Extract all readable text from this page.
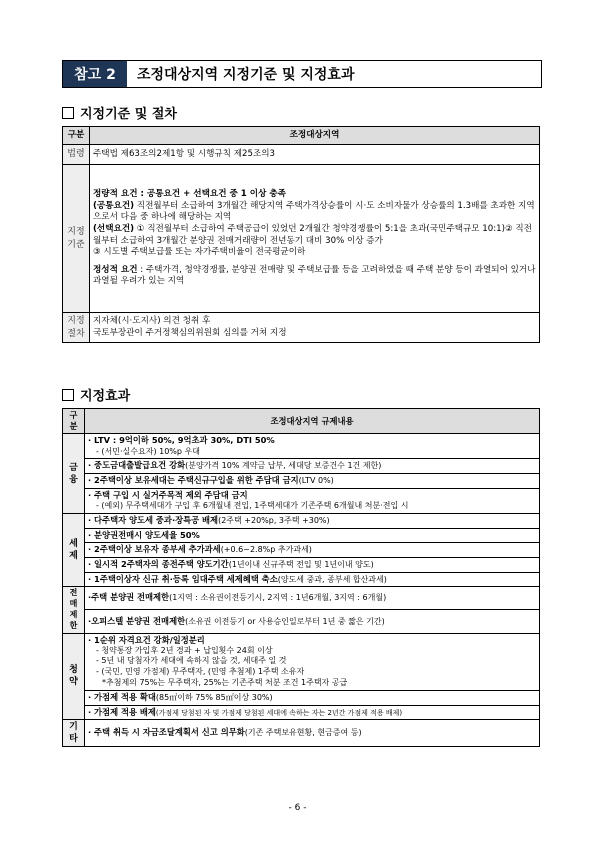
참고 2	조정대상지역 지정기준 및 지정효과
지정기준 및 절차
구분	조정대상지역
법령	주택법 제63조의2제1항 및 시행규칙 제25조의3
지정
기준	정량적 요건 : 공통요건 + 선택요건 중 1 이상 충족
(공통요건) 직전월부터 소급하여 3개월간 해당지역 주택가격상승률이 시·도 소비자물가 상승률의 1.3배를 초과한 지역으로서 다음 중 하나에 해당하는 지역
(선택요건) ① 직전월부터 소급하여 주택공급이 있었던 2개월간 청약경쟁률이 5:1을 초과(국민주택규모 10:1)② 직전월부터 소급하여 3개월간 분양권 전매거래량이 전년동기 대비 30% 이상 증가
③ 시도별 주택보급률 또는 자가주택비율이 전국평균이하
정성적 요건 : 주택가격, 청약경쟁률, 분양권 전매량 및 주택보급률 등을 고려하였을 때 주택 분양 등이 과열되어 있거나 과열될 우려가 있는 지역

지정
절차	지자체(시·도지사) 의견 청취 후
국토부장관이 주거정책심의위원회 심의를 거쳐 지정
지정효과
구분	조정대상지역 규제내용
금융	· LTV : 9억이하 50%, 9억초과 30%, DTI 50%
- (서민·실수요자) 10%p 우대

	· 중도금대출발급요건 강화(분양가격 10% 계약금 납부, 세대당 보증건수 1건 제한)
	· 2주택이상 보유세대는 주택신규구입을 위한 주담대 금지(LTV 0%)

	· 주택 구입 시 실거주목적 제외 주담대 금지
- (예외) 무주택세대가 구입 후 6개월내 전입, 1주택세대가 기존주택 6개월내 처분·전입 시

세제	· 다주택자 양도세 중과·장특공 배제(2주택 +20%p, 3주택 +30%)
	· 분양권전매시 양도세율 50%
	· 2주택이상 보유자 종부세 추가과세(+0.6~2.8%p 추가과세)
	· 일시적 2주택자의 종전주택 양도기간(1년이내 신규주택 전입 및 1년이내 양도)
	· 1주택이상자 신규 취·등록 임대주택 세제혜택 축소(양도세 중과, 종부세 합산과세)
전매
제한	·주택 분양권 전매제한(1지역 : 소유권이전등기시, 2지역 : 1년6개월, 3지역 : 6개월)
	·오피스텔 분양권 전매제한(소유권 이전등기 or 사용승인일로부터 1년 중 짧은 기간)
청약	· 1순위 자격요건 강화/일정분리
- 청약통장 가입후 2년 경과 + 납입횟수 24회 이상
- 5년 내 당첨자가 세대에 속하지 않을 것, 세대주 일 것
- (국민, 민영 가점제) 무주택자, (민영 추첨제) 1주택 소유자
*추첨제의 75%는 무주택자, 25%는 기존주택 처분 조건 1주택자 공급

	· 가점제 적용 확대(85㎡이하 75% 85㎡이상 30%)
	· 가점제 적용 배제(가점제 당첨된 자 및 가점제 당첨된 세대에 속하는 자는 2년간 가점제 적용 배제)
기타	· 주택 취득 시 자금조달계획서 신고 의무화(기존 주택보유현황, 현금증여 등)
- 6 -
